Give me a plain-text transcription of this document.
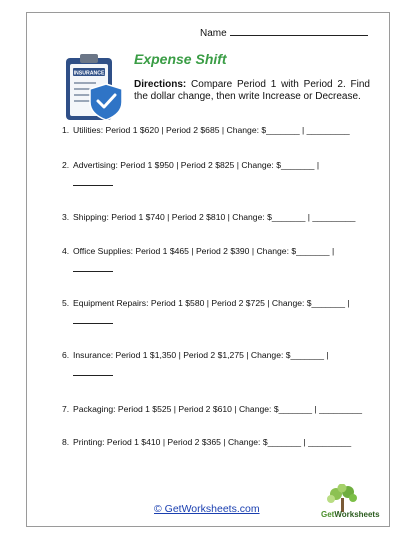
Name
INSURANCE
Expense Shift
Directions: Compare Period 1 with Period 2. Find the dollar change, then write Increase or Decrease.
1. Utilities: Period 1 $620 | Period 2 $685 | Change: $_______ | _________
2. Advertising: Period 1 $950 | Period 2 $825 | Change: $_______ |
3. Shipping: Period 1 $740 | Period 2 $810 | Change: $_______ | _________
4. Office Supplies: Period 1 $465 | Period 2 $390 | Change: $_______ |
5. Equipment Repairs: Period 1 $580 | Period 2 $725 | Change: $_______ |
6. Insurance: Period 1 $1,350 | Period 2 $1,275 | Change: $_______ |
7. Packaging: Period 1 $525 | Period 2 $610 | Change: $_______ | _________
8. Printing: Period 1 $410 | Period 2 $365 | Change: $_______ | _________
© GetWorksheets.com	GetWorksheets
